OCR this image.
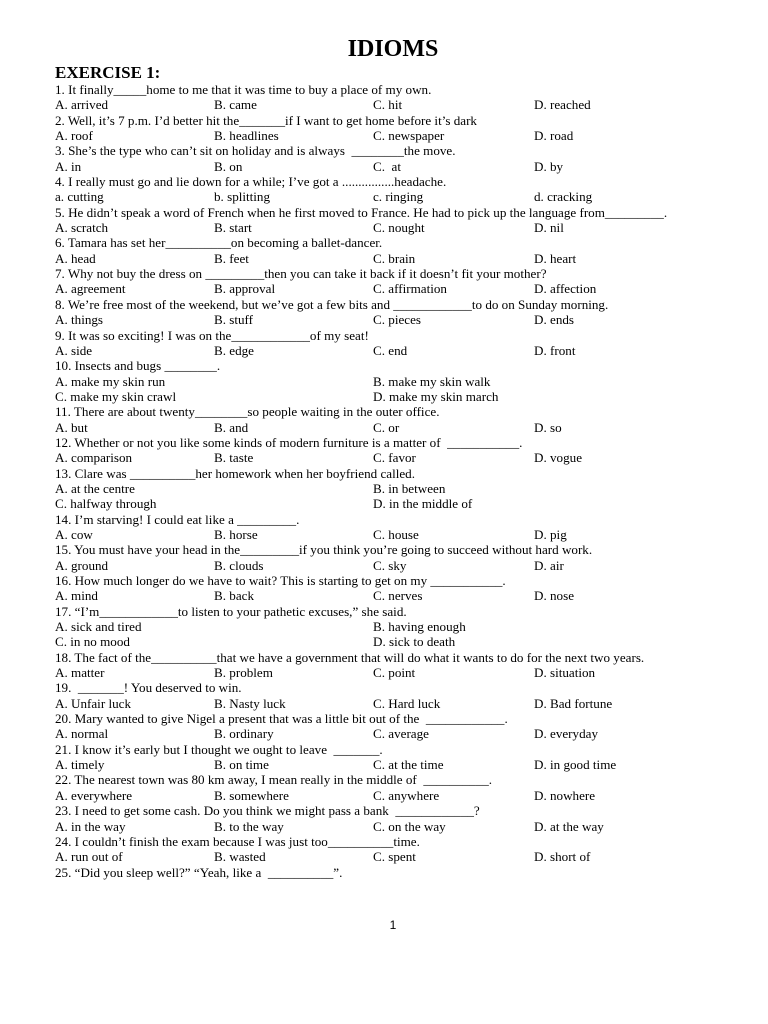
IDIOMS
EXERCISE 1:
1. It finally_____home to me that it was time to buy a place of my own.
A. arrived	B. came	C. hit	D. reached
2. Well, it’s 7 p.m. I’d better hit the_______if I want to get home before it’s dark
A. roof	B. headlines	C. newspaper	D. road
3. She’s the type who can’t sit on holiday and is always  ________the move.
A. in	B. on	C.  at	D. by
4. I really must go and lie down for a while; I’ve got a ................headache.
a. cutting	b. splitting	c. ringing	d. cracking
5. He didn’t speak a word of French when he first moved to France. He had to pick up the language from_________.
A. scratch	B. start	C. nought	D. nil
6. Tamara has set her__________on becoming a ballet-dancer.
A. head	B. feet	C. brain	D. heart
7. Why not buy the dress on _________then you can take it back if it doesn’t fit your mother?
A. agreement	B. approval	C. affirmation	D. affection
8. We’re free most of the weekend, but we’ve got a few bits and ____________to do on Sunday morning.
A. things	B. stuff	C. pieces	D. ends
9. It was so exciting! I was on the____________of my seat!
A. side	B. edge	C. end	D. front
10. Insects and bugs ________.
A. make my skin run	B. make my skin walk
C. make my skin crawl	D. make my skin march
11. There are about twenty________so people waiting in the outer office.
A. but	B. and	C. or	D. so
12. Whether or not you like some kinds of modern furniture is a matter of  ___________.
A. comparison	B. taste	C. favor	D. vogue
13. Clare was __________her homework when her boyfriend called.
A. at the centre	B. in between
C. halfway through	D. in the middle of
14. I’m starving! I could eat like a _________.
A. cow	B. horse	C. house	D. pig
15. You must have your head in the_________if you think you’re going to succeed without hard work.
A. ground	B. clouds	C. sky	D. air
16. How much longer do we have to wait? This is starting to get on my ___________.
A. mind	B. back	C. nerves	D. nose
17. “I’m____________to listen to your pathetic excuses,” she said.
A. sick and tired	B. having enough
C. in no mood	D. sick to death
18. The fact of the__________that we have a government that will do what it wants to do for the next two years.
A. matter	B. problem	C. point	D. situation
19.  _______! You deserved to win.
A. Unfair luck	B. Nasty luck	C. Hard luck	D. Bad fortune
20. Mary wanted to give Nigel a present that was a little bit out of the  ____________.
A. normal	B. ordinary	C. average	D. everyday
21. I know it’s early but I thought we ought to leave  _______.
A. timely	B. on time	C. at the time	D. in good time
22. The nearest town was 80 km away, I mean really in the middle of  __________.
A. everywhere	B. somewhere	C. anywhere	D. nowhere
23. I need to get some cash. Do you think we might pass a bank  ____________?
A. in the way	B. to the way	C. on the way	D. at the way
24. I couldn’t finish the exam because I was just too__________time.
A. run out of	B. wasted	C. spent	D. short of
25. “Did you sleep well?” “Yeah, like a  __________”.
1
